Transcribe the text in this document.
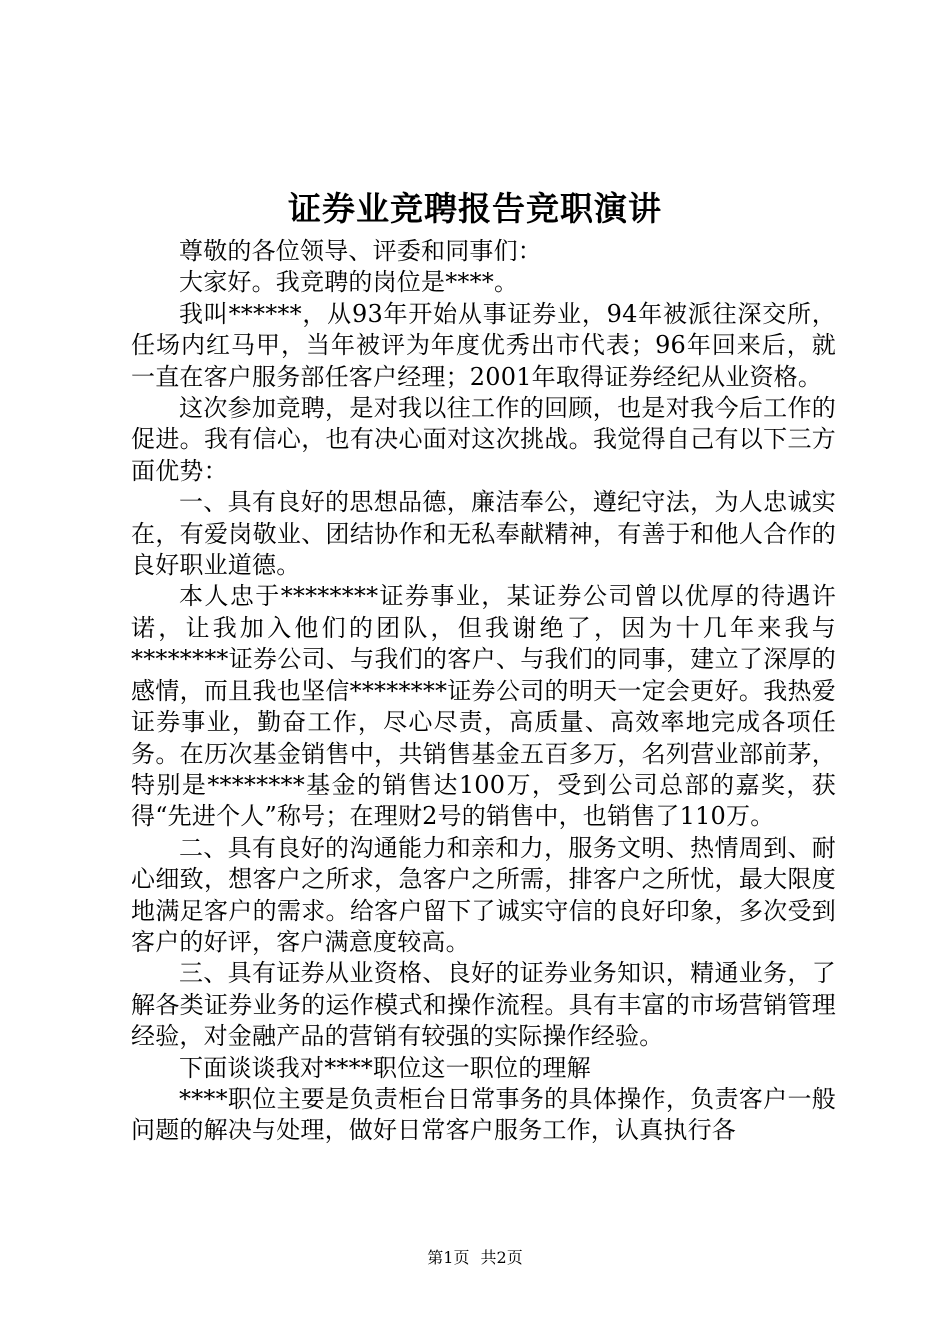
证券业竞聘报告竞职演讲

尊敬的各位领导、评委和同事们：

大家好。我竞聘的岗位是****。

我叫******，从93年开始从事证券业，94年被派往深交所，任场内红马甲，当年被评为年度优秀出市代表；96年回来后，就一直在客户服务部任客户经理；2001年取得证券经纪从业资格。

这次参加竞聘，是对我以往工作的回顾，也是对我今后工作的促进。我有信心，也有决心面对这次挑战。我觉得自己有以下三方面优势：

一、具有良好的思想品德，廉洁奉公，遵纪守法，为人忠诚实在，有爱岗敬业、团结协作和无私奉献精神，有善于和他人合作的良好职业道德。

本人忠于********证券事业，某证券公司曾以优厚的待遇许诺，让我加入他们的团队，但我谢绝了，因为十几年来我与********证券公司、与我们的客户、与我们的同事，建立了深厚的感情，而且我也坚信********证券公司的明天一定会更好。我热爱证券事业，勤奋工作，尽心尽责，高质量、高效率地完成各项任务。在历次基金销售中，共销售基金五百多万，名列营业部前茅，特别是********基金的销售达100万，受到公司总部的嘉奖，获得“先进个人”称号；在理财2号的销售中，也销售了110万。

二、具有良好的沟通能力和亲和力，服务文明、热情周到、耐心细致，想客户之所求，急客户之所需，排客户之所忧，最大限度地满足客户的需求。给客户留下了诚实守信的良好印象，多次受到客户的好评，客户满意度较高。

三、具有证券从业资格、良好的证券业务知识，精通业务，了解各类证券业务的运作模式和操作流程。具有丰富的市场营销管理经验，对金融产品的营销有较强的实际操作经验。

下面谈谈我对****职位这一职位的理解

****职位主要是负责柜台日常事务的具体操作，负责客户一般问题的解决与处理，做好日常客户服务工作，认真执行各

第1页 共2页
